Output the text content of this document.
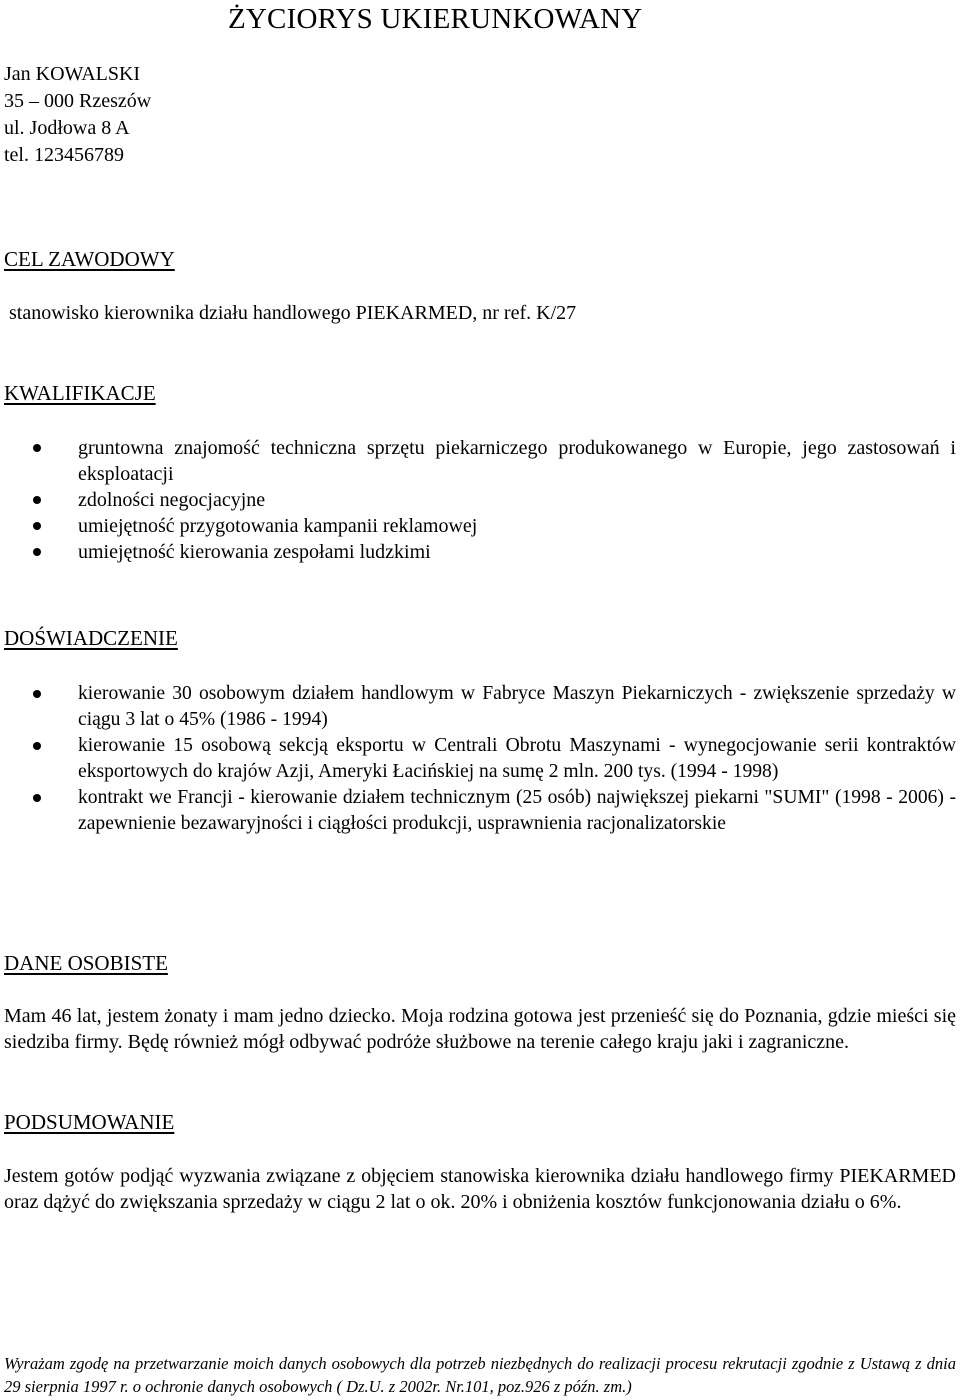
ŻYCIORYS UKIERUNKOWANY
Jan KOWALSKI
35 – 000 Rzeszów
ul. Jodłowa 8 A
tel. 123456789
CEL ZAWODOWY
stanowisko kierownika działu handlowego PIEKARMED, nr ref. K/27
KWALIFIKACJE
gruntowna znajomość techniczna sprzętu piekarniczego produkowanego w Europie, jego zastosowań i eksploatacji
zdolności negocjacyjne
umiejętność przygotowania kampanii reklamowej
umiejętność kierowania zespołami ludzkimi
DOŚWIADCZENIE
kierowanie 30 osobowym działem handlowym w Fabryce Maszyn Piekarniczych - zwiększenie sprzedaży w ciągu 3 lat o 45% (1986 - 1994)
kierowanie 15 osobową sekcją eksportu w Centrali Obrotu Maszynami - wynegocjowanie serii kontraktów eksportowych do krajów Azji, Ameryki Łacińskiej na sumę 2 mln. 200 tys. (1994 - 1998)
kontrakt we Francji - kierowanie działem technicznym (25 osób) największej piekarni "SUMI" (1998 - 2006) - zapewnienie bezawaryjności i ciągłości produkcji, usprawnienia racjonalizatorskie
DANE OSOBISTE
Mam 46 lat, jestem żonaty i mam jedno dziecko. Moja rodzina gotowa jest przenieść się do Poznania, gdzie mieści się siedziba firmy. Będę również mógł odbywać podróże służbowe na terenie całego kraju jaki i zagraniczne.
PODSUMOWANIE
Jestem gotów podjąć wyzwania związane z objęciem stanowiska kierownika działu handlowego firmy PIEKARMED oraz dążyć do zwiększania sprzedaży w ciągu 2 lat o ok. 20% i obniżenia kosztów funkcjonowania działu o 6%.
Wyrażam zgodę na przetwarzanie moich danych osobowych dla potrzeb niezbędnych do realizacji procesu rekrutacji zgodnie z Ustawą z dnia 29 sierpnia 1997 r. o ochronie danych osobowych ( Dz.U. z 2002r. Nr.101, poz.926 z późn. zm.)
